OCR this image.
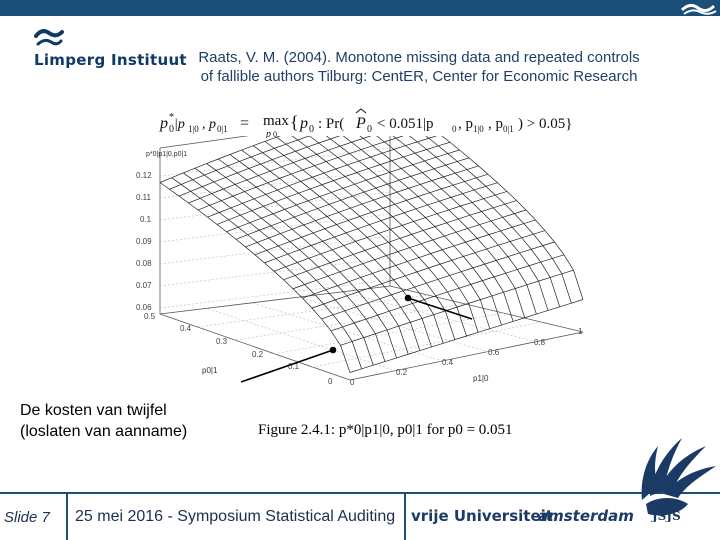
Limperg Instituut Raats, V. M. (2004). Monotone missing data and repeated controls of fallible authors Tilburg: CentER, Center for Economic Research
p *
0 |p 1|0 , p 0|1 = max
p 0
{ p 0 : Pr( P 0 < 0.051|p 0 , p 1|0 , p 0|1 ) > 0.05}
p*0|p1|0,p0|1
0.12
0.11
0.1
0.09
0.08
0.07
0.06
0.5
0.4
0.3
0.2
0.1
0
p0|1
0
0.2
0.4
0.6
0.8
1
p1|0
De kosten van twijfel
(loslaten van aanname)	Figure 2.4.1: p*0|p1|0, p0|1 for p0 = 0.051
Slide 7 25 mei 2016 - Symposium Statistical Auditing vrije Universiteit
amsterdam JSJS
